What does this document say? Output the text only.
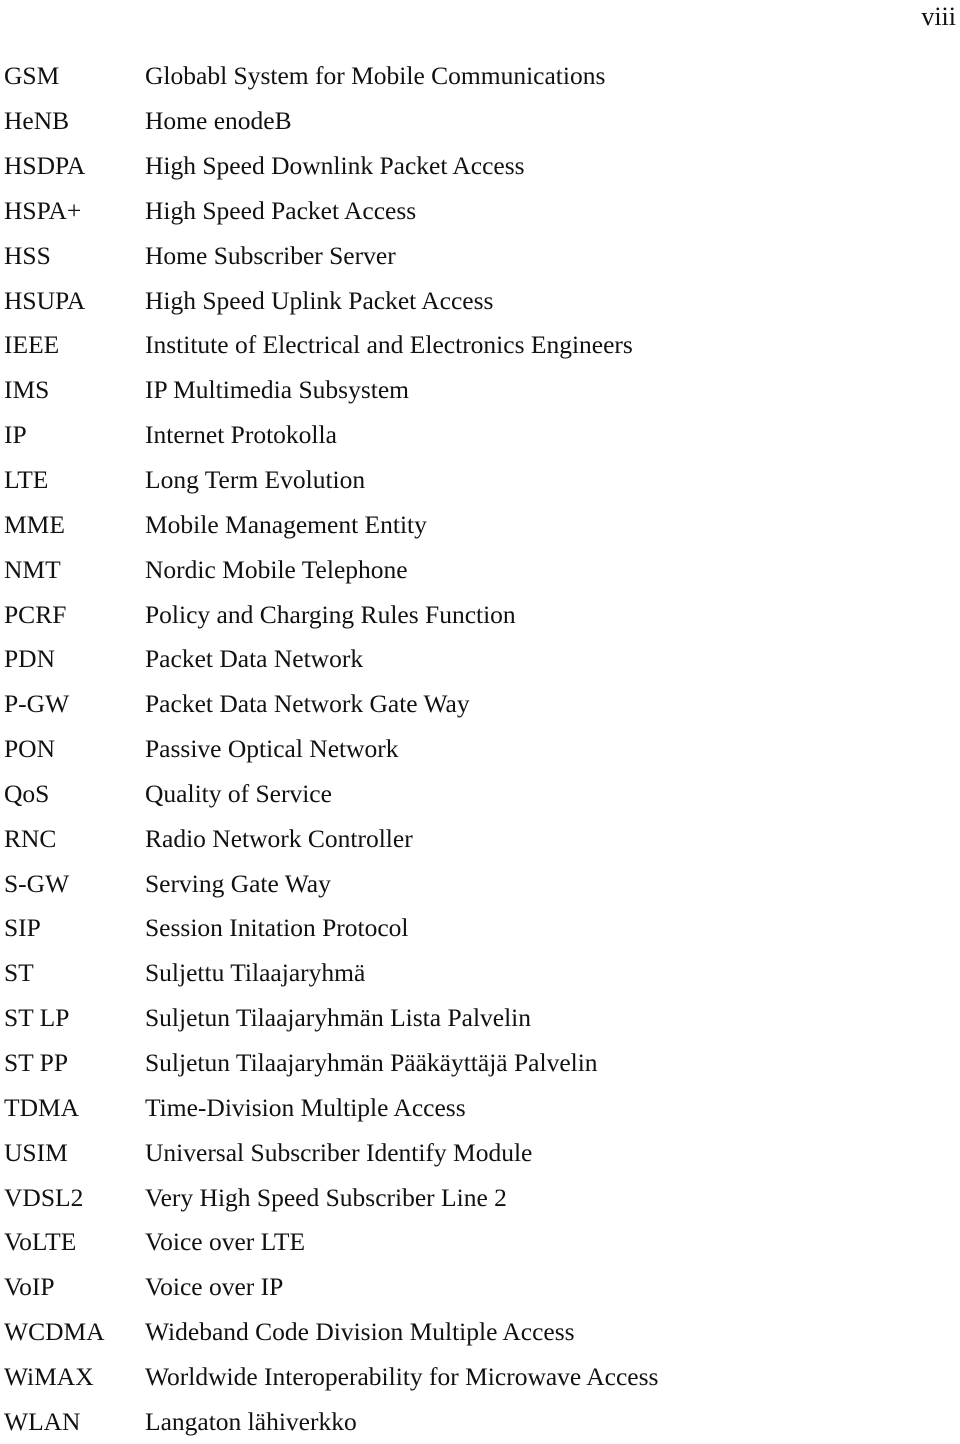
viii
GSM	Globabl System for Mobile Communications
HeNB	Home enodeB
HSDPA	High Speed Downlink Packet Access
HSPA+	High Speed Packet Access
HSS	Home Subscriber Server
HSUPA	High Speed Uplink Packet Access
IEEE	Institute of Electrical and Electronics Engineers
IMS	IP Multimedia Subsystem
IP	Internet Protokolla
LTE	Long Term Evolution
MME	Mobile Management Entity
NMT	Nordic Mobile Telephone
PCRF	Policy and Charging Rules Function
PDN	Packet Data Network
P-GW	Packet Data Network Gate Way
PON	Passive Optical Network
QoS	Quality of Service
RNC	Radio Network Controller
S-GW	Serving Gate Way
SIP	Session Initation Protocol
ST	Suljettu Tilaajaryhmä
ST LP	Suljetun Tilaajaryhmän Lista Palvelin
ST PP	Suljetun Tilaajaryhmän Pääkäyttäjä Palvelin
TDMA	Time-Division Multiple Access
USIM	Universal Subscriber Identify Module
VDSL2	Very High Speed Subscriber Line 2
VoLTE	Voice over LTE
VoIP	Voice over IP
WCDMA	Wideband Code Division Multiple Access
WiMAX	Worldwide Interoperability for Microwave Access
WLAN	Langaton lähiverkko
